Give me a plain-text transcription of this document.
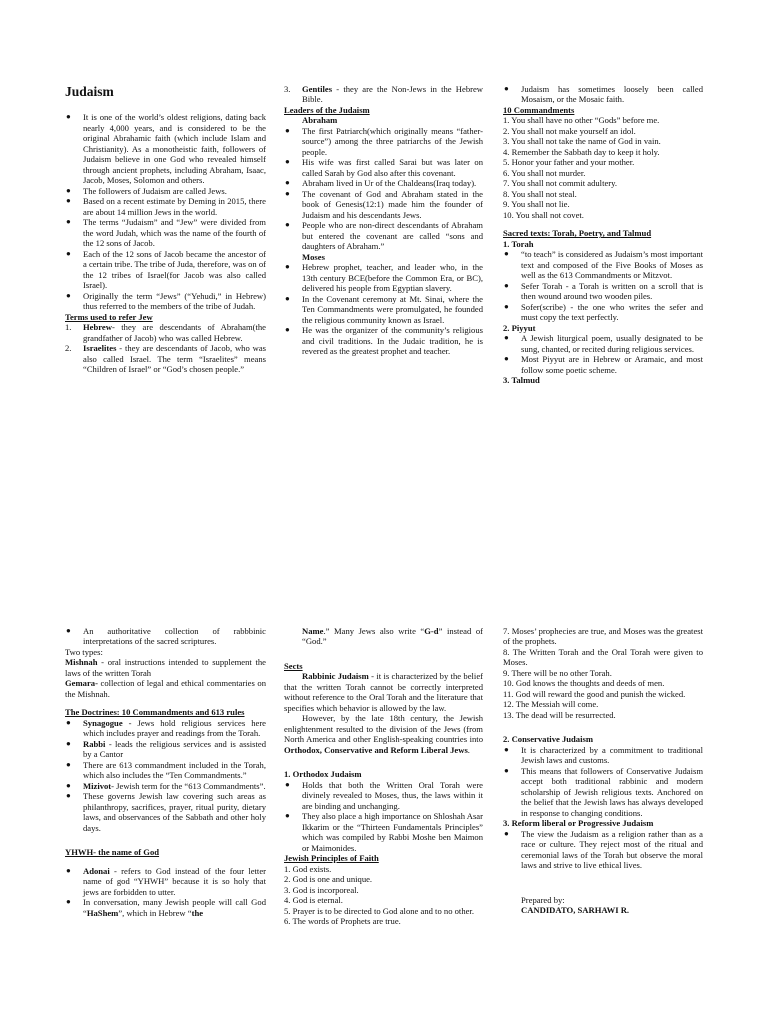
Judaism

● It is one of the world’s oldest religions, dating back nearly 4,000 years, and is considered to be the original Abrahamic faith (which include Islam and Christianity). As a monotheistic faith, followers of Judaism believe in one God who revealed himself through ancient prophets, including Abraham, Isaac, Jacob, Moses, Solomon and others.
● The followers of Judaism are called Jews.
● Based on a recent estimate by Deming in 2015, there are about 14 million Jews in the world.
● The terms “Judaism” and “Jew” were divided from the word Judah, which was the name of the fourth of the 12 sons of Jacob.
● Each of the 12 sons of Jacob became the ancestor of a certain tribe. The tribe of Juda, therefore, was on of the 12 tribes of Israel(for Jacob was also called Israel).
● Originally the term “Jews” (“Yehudi,” in Hebrew) thus referred to the members of the tribe of Judah.

Terms used to refer Jew

1. Hebrew- they are descendants of Abraham(the grandfather of Jacob) who was called Hebrew.
2. Israelites - they are descendants of Jacob, who was also called Israel. The term “Israelites” means “Children of Israel” or “God’s chosen people.”
3. Gentiles - they are the Non-Jews in the Hebrew Bible.

Leaders of the Judaism

Abraham

● The first Patriarch(which originally means “father-source”) among the three patriarchs of the Jewish people.
● His wife was first called Sarai but was later on called Sarah by God also after this covenant.
● Abraham lived in Ur of the Chaldeans(Iraq today).
● The covenant of God and Abraham stated in the book of Genesis(12:1) made him the founder of Judaism and his descendants Jews.
● People who are non-direct descendants of Abraham but entered the covenant are called “sons and daughters of Abraham.”

Moses

● Hebrew prophet, teacher, and leader who, in the 13th century BCE(before the Common Era, or BC), delivered his people from Egyptian slavery.
● In the Covenant ceremony at Mt. Sinai, where the Ten Commandments were promulgated, he founded the religious community known as Israel.
● He was the organizer of the community’s religious and civil traditions. In the Judaic tradition, he is revered as the greatest prophet and teacher.
● Judaism has sometimes loosely been called Mosaism, or the Mosaic faith.

10 Commandments

1. You shall have no other “Gods” before me.

2. You shall not make yourself an idol.

3. You shall not take the name of God in vain.

4. Remember the Sabbath day to keep it holy.

5. Honor your father and your mother.

6. You shall not murder.

7. You shall not commit adultery.

8. You shall not steal.

9. You shall not lie.

10. You shall not covet.

Sacred texts: Torah, Poetry, and Talmud

1. Torah

● “to teach” is considered as Judaism’s most important text and composed of the Five Books of Moses as well as the 613 Commandments or Mitzvot.
● Sefer Torah - a Torah is written on a scroll that is then wound around two wooden piles.
● Sofer(scribe) - the one who writes the sefer and must copy the text perfectly.

2. Piyyut

● A Jewish liturgical poem, usually designated to be sung, chanted, or recited during religious services.
● Most Piyyut are in Hebrew or Aramaic, and most follow some poetic scheme.

3. Talmud

● An authoritative collection of rabbbinic interpretations of the sacred scriptures.

Two types:

Mishnah - oral instructions intended to supplement the laws of the written Torah

Gemara- collection of legal and ethical commentaries on the Mishnah.

The Doctrines: 10 Commandments and 613 rules

● Synagogue - Jews hold religious services here which includes prayer and readings from the Torah.
● Rabbi - leads the religious services and is assisted by a Cantor
● There are 613 commandment included in the Torah, which also includes the “Ten Commandments.”
● Mizivot- Jewish term for the “613 Commandments”.
● These governs Jewish law covering such areas as philanthropy, sacrifices, prayer, ritual purity, dietary laws, and observances of the Sabbath and other holy days.

YHWH- the name of God

● Adonai - refers to God instead of the four letter name of god “YHWH” because it is so holy that jews are forbidden to utter.
● In conversation, many Jewish people will call God “HaShem”, which in Hebrew “the

Name.” Many Jews also write “G-d” instead of “God.”

Sects

Rabbinic Judaism - it is characterized by the belief that the written Torah cannot be correctly interpreted without reference to the Oral Torah and the literature that specifies which behavior is allowed by the law.

However, by the late 18th century, the Jewish enlightenment resulted to the division of the Jews (from North America and other English-speaking countries into Orthodox, Conservative and Reform Liberal Jews.

1. Orthodox Judaism

● Holds that both the Written Oral Torah were divinely revealed to Moses, thus, the laws within it are binding and unchanging.
● They also place a high importance on Shloshah Asar Ikkarim or the “Thirteen Fundamentals Principles” which was compiled by Rabbi Moshe ben Maimon or Maimonides.

Jewish Principles of Faith

1. God exists.

2. God is one and unique.

3. God is incorporeal.

4. God is eternal.

5. Prayer is to be directed to God alone and to no other.

6. The words of Prophets are true.

7. Moses’ prophecies are true, and Moses was the greatest of the prophets.

8. The Written Torah and the Oral Torah were given to Moses.

9. There will be no other Torah.

10. God knows the thoughts and deeds of men.

11. God will reward the good and punish the wicked.

12. The Messiah will come.

13. The dead will be resurrected.

2. Conservative Judaism

● It is characterized by a commitment to traditional Jewish laws and customs.
● This means that followers of Conservative Judaism accept both traditional rabbinic and modern scholarship of Jewish religious texts. Anchored on the belief that the Jewish laws has always developed in response to changing conditions.

3. Reform liberal or Progressive Judaism

● The view the Judaism as a religion rather than as a race or culture. They reject most of the ritual and ceremonial laws of the Torah but observe the moral laws and strive to live ethical lives.

Prepared by:

CANDIDATO, SARHAWI R.
